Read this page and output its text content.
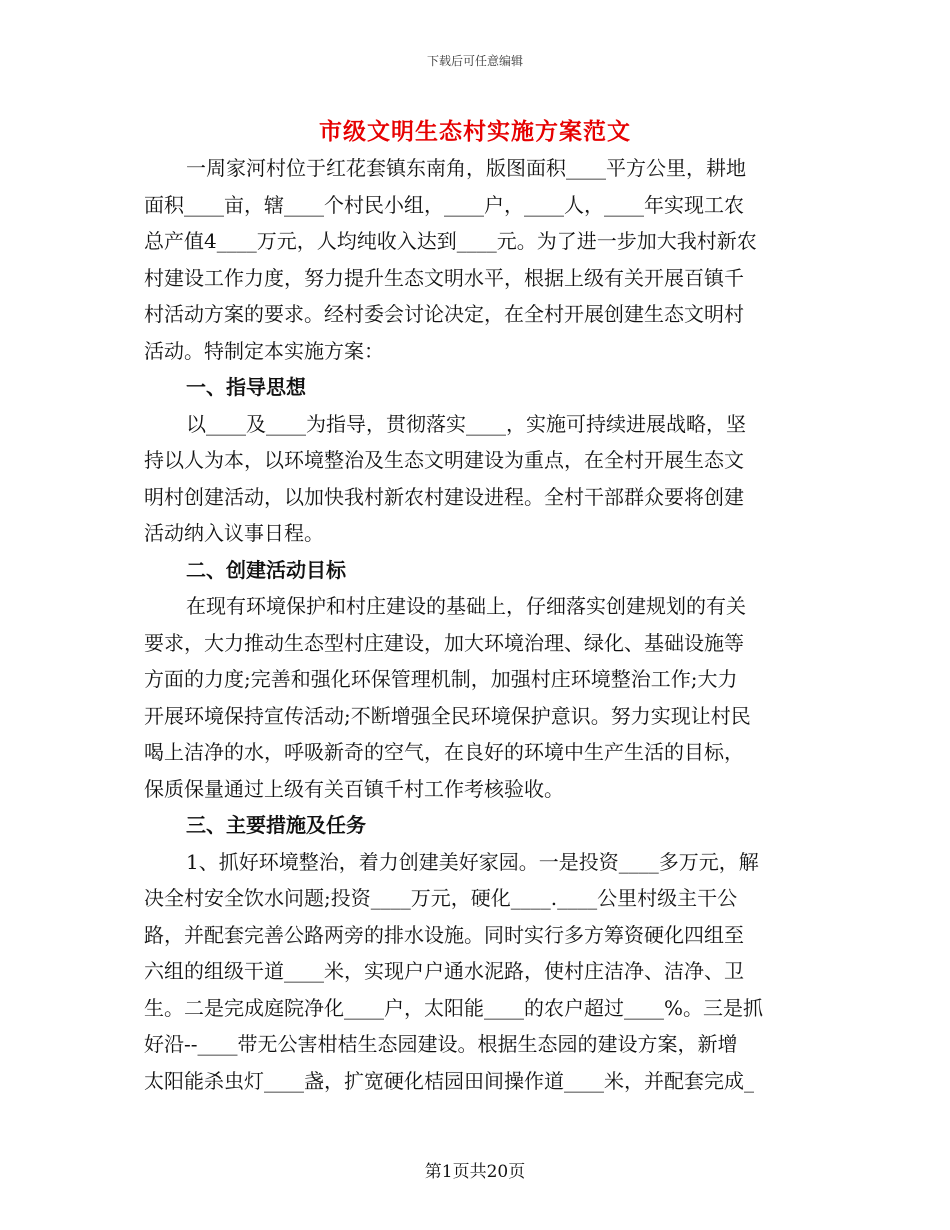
下载后可任意编辑
市级文明生态村实施方案范文
一周家河村位于红花套镇东南角，版图面积____平方公里，耕地
面积____亩，辖____个村民小组，____户，____人，____年实现工农
总产值4____万元，人均纯收入达到____元。为了进一步加大我村新农
村建设工作力度，努力提升生态文明水平，根据上级有关开展百镇千
村活动方案的要求。经村委会讨论决定，在全村开展创建生态文明村
活动。特制定本实施方案：
一、指导思想
以____及____为指导，贯彻落实____，实施可持续进展战略，坚
持以人为本，以环境整治及生态文明建设为重点，在全村开展生态文
明村创建活动，以加快我村新农村建设进程。全村干部群众要将创建
活动纳入议事日程。
二、创建活动目标
在现有环境保护和村庄建设的基础上，仔细落实创建规划的有关
要求，大力推动生态型村庄建设，加大环境治理、绿化、基础设施等
方面的力度;完善和强化环保管理机制，加强村庄环境整治工作;大力
开展环境保持宣传活动;不断增强全民环境保护意识。努力实现让村民
喝上洁净的水，呼吸新奇的空气，在良好的环境中生产生活的目标，
保质保量通过上级有关百镇千村工作考核验收。
三、主要措施及任务
1、抓好环境整治，着力创建美好家园。一是投资____多万元，解
决全村安全饮水问题;投资____万元，硬化____.____公里村级主干公
路，并配套完善公路两旁的排水设施。同时实行多方筹资硬化四组至
六组的组级干道____米，实现户户通水泥路，使村庄洁净、洁净、卫
生。二是完成庭院净化____户，太阳能____的农户超过____%。三是抓
好沿--____带无公害柑桔生态园建设。根据生态园的建设方案，新增
太阳能杀虫灯____盏，扩宽硬化桔园田间操作道____米，并配套完成_
第1页共20页
